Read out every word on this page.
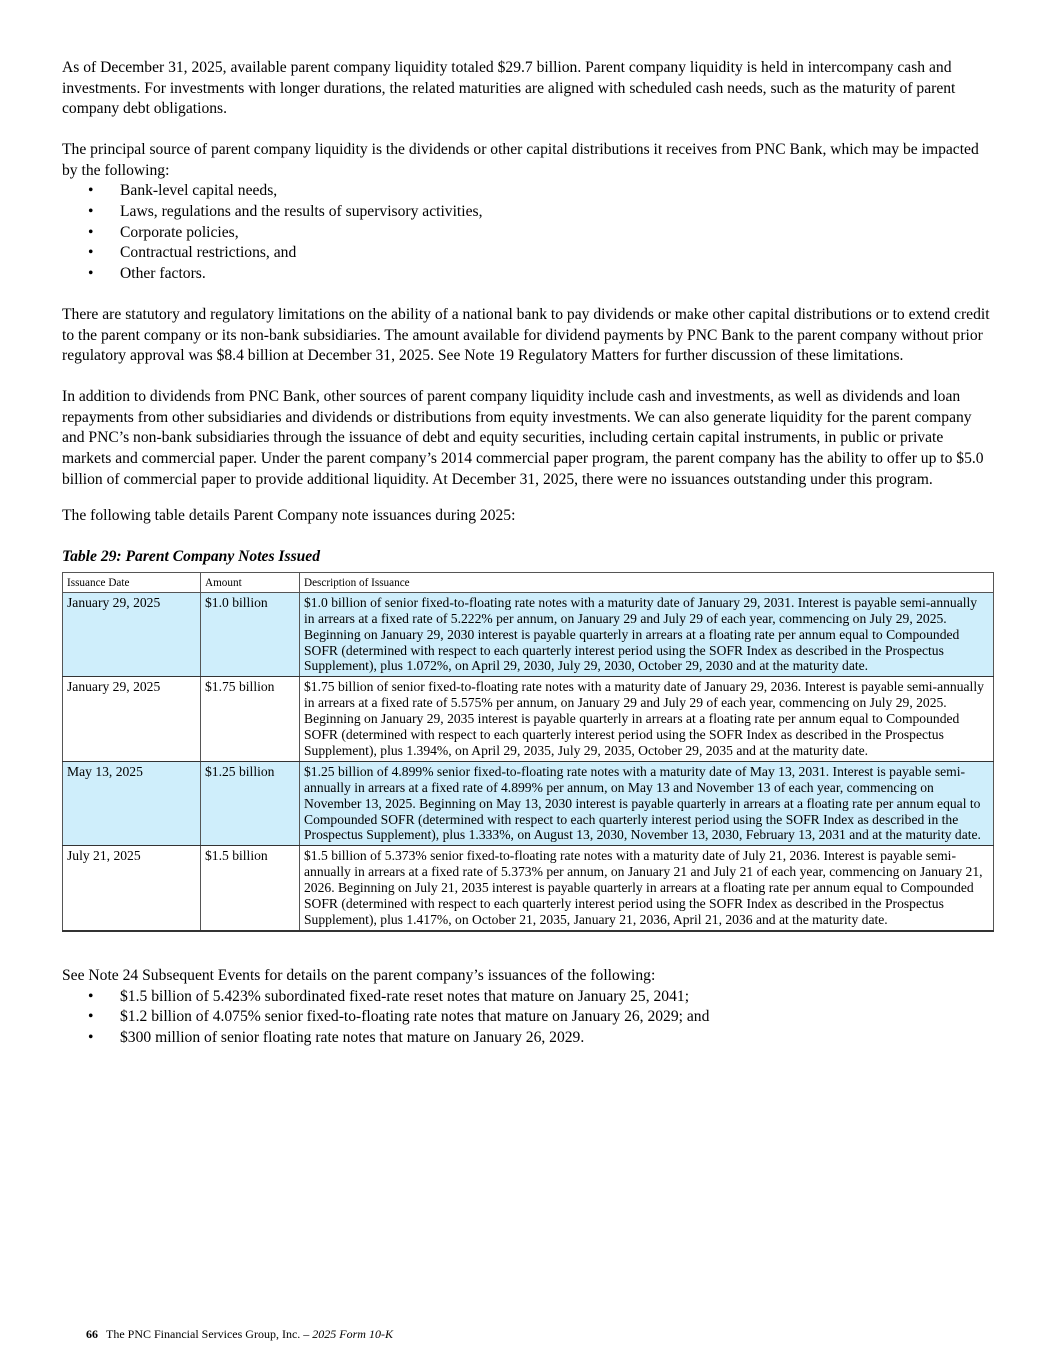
As of December 31, 2025, available parent company liquidity totaled $29.7 billion. Parent company liquidity is held in intercompany cash and investments. For investments with longer durations, the related maturities are aligned with scheduled cash needs, such as the maturity of parent company debt obligations.

The principal source of parent company liquidity is the dividends or other capital distributions it receives from PNC Bank, which may be impacted by the following:

• Bank-level capital needs,
• Laws, regulations and the results of supervisory activities,
• Corporate policies,
• Contractual restrictions, and
• Other factors.

There are statutory and regulatory limitations on the ability of a national bank to pay dividends or make other capital distributions or to extend credit to the parent company or its non-bank subsidiaries. The amount available for dividend payments by PNC Bank to the parent company without prior regulatory approval was $8.4 billion at December 31, 2025. See Note 19 Regulatory Matters for further discussion of these limitations.

In addition to dividends from PNC Bank, other sources of parent company liquidity include cash and investments, as well as dividends and loan repayments from other subsidiaries and dividends or distributions from equity investments. We can also generate liquidity for the parent company and PNC’s non-bank subsidiaries through the issuance of debt and equity securities, including certain capital instruments, in public or private markets and commercial paper. Under the parent company’s 2014 commercial paper program, the parent company has the ability to offer up to $5.0 billion of commercial paper to provide additional liquidity. At December 31, 2025, there were no issuances outstanding under this program.

The following table details Parent Company note issuances during 2025:

Table 29: Parent Company Notes Issued

Issuance Date	Amount	Description of Issuance
January 29, 2025	$1.0 billion	$1.0 billion of senior fixed-to-floating rate notes with a maturity date of January 29, 2031. Interest is payable semi-annually in arrears at a fixed rate of 5.222% per annum, on January 29 and July 29 of each year, commencing on July 29, 2025. Beginning on January 29, 2030 interest is payable quarterly in arrears at a floating rate per annum equal to Compounded SOFR (determined with respect to each quarterly interest period using the SOFR Index as described in the Prospectus Supplement), plus 1.072%, on April 29, 2030, July 29, 2030, October 29, 2030 and at the maturity date.
January 29, 2025	$1.75 billion	$1.75 billion of senior fixed-to-floating rate notes with a maturity date of January 29, 2036. Interest is payable semi-annually in arrears at a fixed rate of 5.575% per annum, on January 29 and July 29 of each year, commencing on July 29, 2025. Beginning on January 29, 2035 interest is payable quarterly in arrears at a floating rate per annum equal to Compounded SOFR (determined with respect to each quarterly interest period using the SOFR Index as described in the Prospectus Supplement), plus 1.394%, on April 29, 2035, July 29, 2035, October 29, 2035 and at the maturity date.
May 13, 2025	$1.25 billion	$1.25 billion of 4.899% senior fixed-to-floating rate notes with a maturity date of May 13, 2031. Interest is payable semi-annually in arrears at a fixed rate of 4.899% per annum, on May 13 and November 13 of each year, commencing on November 13, 2025. Beginning on May 13, 2030 interest is payable quarterly in arrears at a floating rate per annum equal to Compounded SOFR (determined with respect to each quarterly interest period using the SOFR Index as described in the Prospectus Supplement), plus 1.333%, on August 13, 2030, November 13, 2030, February 13, 2031 and at the maturity date.
July 21, 2025	$1.5 billion	$1.5 billion of 5.373% senior fixed-to-floating rate notes with a maturity date of July 21, 2036. Interest is payable semi-annually in arrears at a fixed rate of 5.373% per annum, on January 21 and July 21 of each year, commencing on January 21, 2026. Beginning on July 21, 2035 interest is payable quarterly in arrears at a floating rate per annum equal to Compounded SOFR (determined with respect to each quarterly interest period using the SOFR Index as described in the Prospectus Supplement), plus 1.417%, on October 21, 2035, January 21, 2036, April 21, 2036 and at the maturity date.

See Note 24 Subsequent Events for details on the parent company’s issuances of the following:

• $1.5 billion of 5.423% subordinated fixed-rate reset notes that mature on January 25, 2041;
• $1.2 billion of 4.075% senior fixed-to-floating rate notes that mature on January 26, 2029; and
• $300 million of senior floating rate notes that mature on January 26, 2029.
66 The PNC Financial Services Group, Inc. – 2025 Form 10-K
